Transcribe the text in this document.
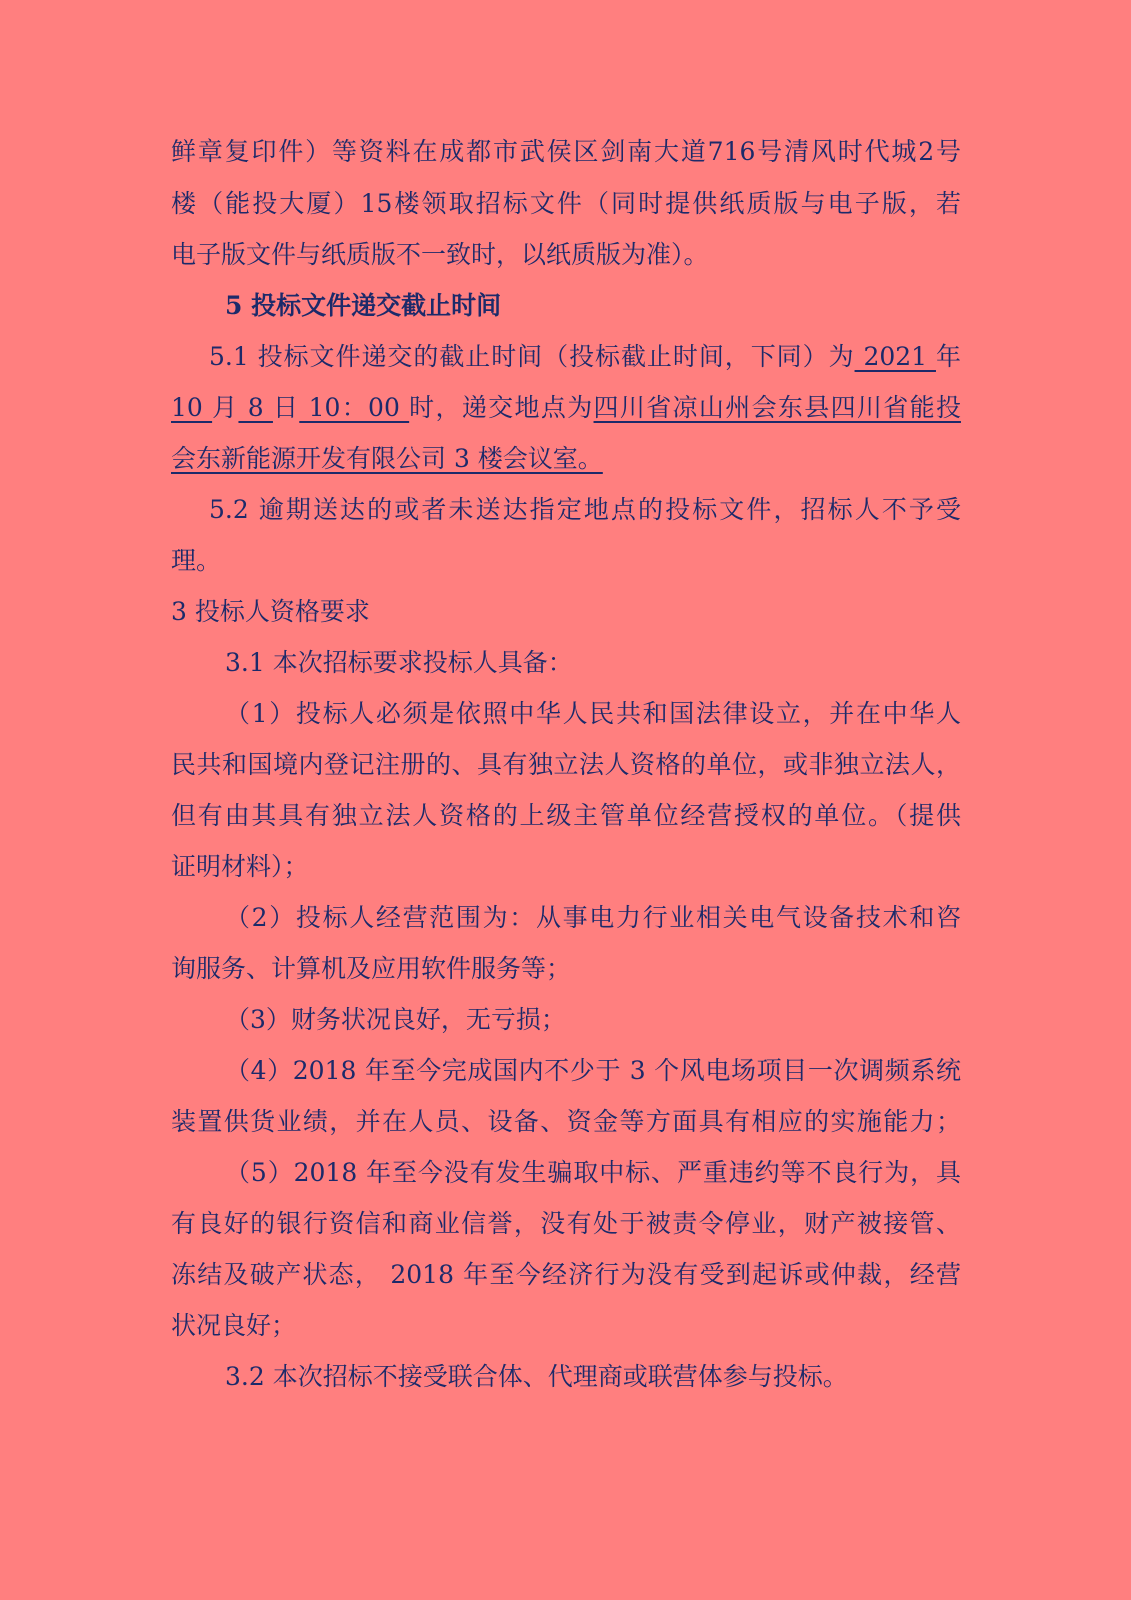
鲜章复印件）等资料在成都市武侯区剑南大道716号清风时代城2号
楼（能投大厦）15楼领取招标文件（同时提供纸质版与电子版，若
电子版文件与纸质版不一致时，以纸质版为准）。
5 投标文件递交截止时间
5.1 投标文件递交的截止时间（投标截止时间，下同）为 2021 年
10 月 8 日 10：00 时，递交地点为四川省凉山州会东县四川省能投
会东新能源开发有限公司 3 楼会议室。
5.2 逾期送达的或者未送达指定地点的投标文件，招标人不予受
理。
3 投标人资格要求
3.1 本次招标要求投标人具备：
（1）投标人必须是依照中华人民共和国法律设立，并在中华人
民共和国境内登记注册的、具有独立法人资格的单位，或非独立法人，
但有由其具有独立法人资格的上级主管单位经营授权的单位。（提供
证明材料）；
（2）投标人经营范围为：从事电力行业相关电气设备技术和咨
询服务、计算机及应用软件服务等；
（3）财务状况良好，无亏损；
（4）2018 年至今完成国内不少于 3 个风电场项目一次调频系统
装置供货业绩，并在人员、设备、资金等方面具有相应的实施能力；
（5）2018 年至今没有发生骗取中标、严重违约等不良行为，具
有良好的银行资信和商业信誉，没有处于被责令停业，财产被接管、
冻结及破产状态， 2018 年至今经济行为没有受到起诉或仲裁，经营
状况良好；
3.2 本次招标不接受联合体、代理商或联营体参与投标。
